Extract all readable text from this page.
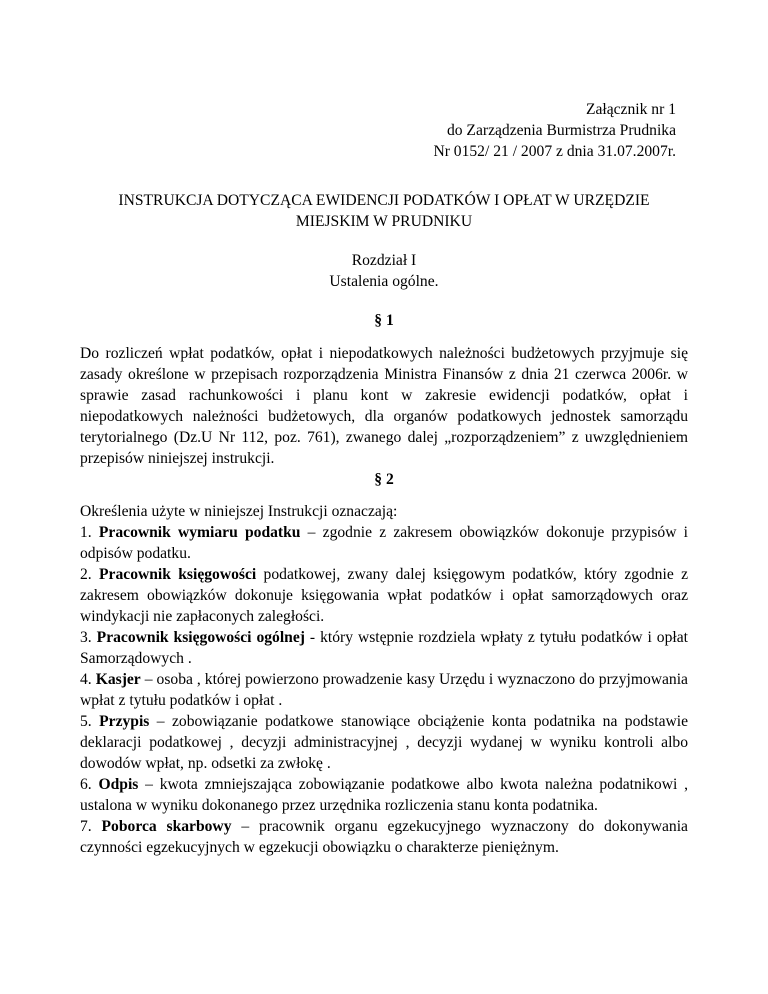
Załącznik nr 1
do Zarządzenia Burmistrza Prudnika
Nr 0152/ 21 / 2007 z dnia 31.07.2007r.
INSTRUKCJA DOTYCZĄCA EWIDENCJI PODATKÓW I OPŁAT W URZĘDZIE
MIEJSKIM W PRUDNIKU
Rozdział I
Ustalenia ogólne.
§ 1
Do rozliczeń wpłat podatków, opłat i niepodatkowych należności budżetowych przyjmuje się zasady określone w przepisach rozporządzenia Ministra Finansów z dnia 21 czerwca 2006r. w sprawie zasad rachunkowości i planu kont w zakresie ewidencji podatków, opłat i niepodatkowych należności budżetowych, dla organów podatkowych jednostek samorządu terytorialnego (Dz.U Nr 112, poz. 761), zwanego dalej „rozporządzeniem” z uwzględnieniem przepisów niniejszej instrukcji.
§ 2
Określenia użyte w niniejszej Instrukcji oznaczają:
1. Pracownik wymiaru podatku – zgodnie z zakresem obowiązków dokonuje przypisów i odpisów podatku.
2. Pracownik księgowości podatkowej, zwany dalej księgowym podatków, który zgodnie z zakresem obowiązków dokonuje księgowania wpłat podatków i opłat samorządowych oraz windykacji nie zapłaconych zaległości.
3. Pracownik księgowości ogólnej - który wstępnie rozdziela wpłaty z tytułu podatków i opłat Samorządowych .
4. Kasjer – osoba , której powierzono prowadzenie kasy Urzędu i wyznaczono do przyjmowania wpłat z tytułu podatków i opłat .
5. Przypis – zobowiązanie podatkowe stanowiące obciążenie konta podatnika na podstawie deklaracji podatkowej , decyzji administracyjnej , decyzji wydanej w wyniku kontroli albo dowodów wpłat, np. odsetki za zwłokę .
6. Odpis – kwota zmniejszająca zobowiązanie podatkowe albo kwota należna podatnikowi , ustalona w wyniku dokonanego przez urzędnika rozliczenia stanu konta podatnika.
7. Poborca skarbowy – pracownik organu egzekucyjnego wyznaczony do dokonywania czynności egzekucyjnych w egzekucji obowiązku o charakterze pieniężnym.
